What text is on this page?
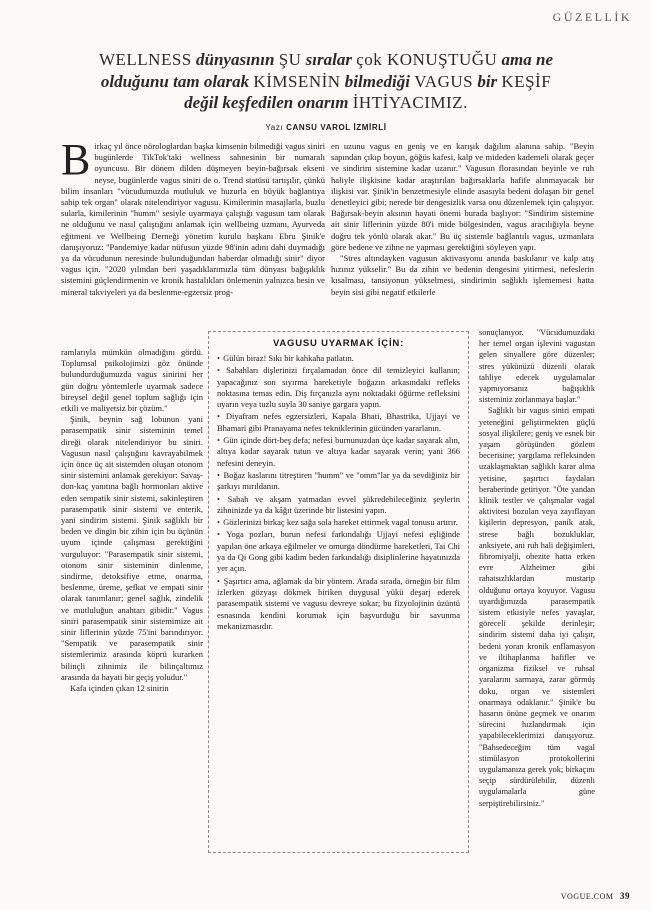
GÜZELLİK
WELLNESS dünyasının ŞU sıralar çok KONUŞTUĞU ama ne
olduğunu tam olarak KİMSENİN bilmediği VAGUS bir KEŞİF
değil keşfedilen onarım İHTİYACIMIZ.
Yazı CANSU VAROL İZMİRLİ
B irkaç yıl önce nörologlardan başka kimsenin bilmediği vagus siniri bugünlerde TikTok'taki wellness sahnesinin bir numaralı oyuncusu. Bir dönem dilden düşmeyen beyin-bağırsak ekseni neyse, bugünlerde vagus siniri de o. Trend statüsü tartışılır, çünkü bilim insanları "vücudumuzda mutluluk ve huzurla en büyük bağlantıya sahip tek organ" olarak nitelendiriyor vagusu. Kimilerinin masajlarla, buzlu sularla, kimilerinin "humm" sesiyle uyarmaya çalıştığı vagusun tam olarak ne olduğunu ve nasıl çalıştığını anlamak için wellbeing uzmanı, Ayurveda eğitmeni ve Wellbeing Derneği yönetim kurulu başkanı Ebru Şinik'e danışıyoruz: "Pandemiye kadar nüfusun yüzde 98'inin adını dahi duymadığı ya da vücudunun neresinde bulunduğundan haberdar olmadığı sinir" diyor vagus için. "2020 yılından beri yaşadıklarımızla tüm dünyası bağışıklık sistemini güçlendirmenin ve kronik hastalıkları önlemenin yalnızca besin ve mineral takviyeleri ya da beslenme-egzersiz prog-

ramlarıyla mümkün olmadığını gördü. Toplumsal psikolojimizi göz önünde bulundurduğumuzda vagus sinirini her gün doğru yöntemlerle uyarmak sadece bireysel değil genel toplum sağlığı için etkili ve maliyetsiz bir çözüm."

Şinik, beynin sağ lobunun yani parasempatik sinir sisteminin temel direği olarak nitelendiriyor bu siniri. Vagusun nasıl çalıştığını kavrayabilmek için önce üç ait sistemden oluşan otonom sinir sistemini anlamak gerekiyor: Savaş-don-kaç yanıtına bağlı hormonları aktive eden sempatik sinir sistemi, sakinleştiren parasempatik sinir sistemi ve enterik, yani sindirim sistemi. Şinik sağlıklı bir beden ve dingin bir zihin için bu üçünün uyum içinde çalışması gerektiğini vurguluyor: "Parasempatik sinir sistemi, otonom sinir sisteminin dinlenme, sindirme, detoksifiye etme, onarma, beslenme, üreme, şefkat ve empati sinir olarak tanımlanır; genel sağlık, zindelik ve mutluluğun anahtarı gibidir." Vagus siniri parasempatik sinir sistemimize ait sinir liflerinin yüzde 75'ini barındırıyor. "Sempatik ve parasempatik sinir sistemlerimiz arasında köprü kurarken bilinçli zihnimiz ile bilinçaltımız arasında da hayati bir geçiş yoludur."

Kafa içinden çıkan 12 sinirin

en uzunu vagus en geniş ve en karışık dağılım alanına sahip. "Beyin sapından çıkıp boyun, göğüs kafesi, kalp ve mideden kademeli olarak geçer ve sindirim sistemine kadar uzanır." Vagusun florasından beyinle ve ruh haliyle ilişkisine kadar araştırılan bağırsaklarla hafife alınmayacak bir ilişkisi var. Şinik'in benzetmesiyle elinde asasıyla bedeni dolaşan bir genel denetleyici gibi; nerede bir dengesizlik varsa onu düzenlemek için çalışıyor. Bağırsak-beyin aksının hayati önemi burada başlıyor: "Sindirim sistemine ait sinir liflerinin yüzde 80'i mide bölgesinden, vagus aracılığıyla beyne doğru tek yönlü olarak akar." Bu üç sistemle bağlantılı vagus, uzmanlara göre bedene ve zihne ne yapması gerektiğini söyleyen yapı.

"Stres altındayken vagusun aktivasyonu anında baskılanır ve kalp atış hızınız yükselir." Bu da zihin ve bedenin dengesini yitirmesi, nefeslerin kısalması, tansiyonun yükselmesi, sindirimin sağlıklı işlememesi hatta beyin sisi gibi negatif etkilerle

sonuçlanıyor. "Vücudumuzdaki her temel organ işlevini vagustan gelen sinyallere göre düzenler; stres yükünüzü düzenli olarak tahliye edecek uygulamalar yapmıyorsanız bağışıklık sisteminiz zorlanmaya başlar."

Sağlıklı bir vagus siniri empati yeteneğini geliştirmekten güçlü sosyal ilişkilere; geniş ve esnek bir yaşam görüşünden gözlem becerisine; yargılama refleksinden uzaklaşmaktan sağlıklı karar alma yetisine, şaşırtıcı faydaları beraberinde getiriyor. "Öte yandan klinik testler ve çalışmalar vagal aktivitesi bozulan veya zayıflayan kişilerin depresyon, panik atak, strese bağlı bozukluklar, anksiyete, ani ruh hali değişimleri, fibromiyalji, obezite hatta erken evre Alzheimer gibi rahatsızlıklardan mustarip olduğunu ortaya koyuyor. Vagusu uyardığımızda parasempatik sistem etkisiyle nefes yavaşlar, göreceli şekilde derinleşir; sindirim sistemi daha iyi çalışır, bedeni yoran kronik enflamasyon ve iltihaplanma hafifler ve organizma fiziksel ve ruhsal yaralarını sarmaya, zarar görmüş doku, organ ve sistemleri onarmaya odaklanır." Şinik'e bu hasarın önüne geçmek ve onarım sürecini hızlandırmak için yapabileceklerimizi danışıyoruz. "Bahsedeceğim tüm vagal stimülasyon protokollerini uygulamanıza gerek yok; birkaçını seçip sürdürülebilir, düzenli uygulamalarla güne serpiştirebilirsiniz."

VAGUSU UYARMAK İÇİN:
• Gülün biraz! Sıkı bir kahkaha patlatın.
• Sabahları dişlerinizi fırçalamadan önce dil temizleyici kullanın; yapacağınız son sıyırma hareketiyle boğazın arkasındaki refleks noktasına temas edin. Diş fırçanızla aynı noktadaki öğürme refleksini uyarın veya tuzlu suyla 30 saniye gargara yapın.
• Diyafram nefes egzersizleri, Kapala Bhati, Bhastrika, Ujjayi ve Bhamari gibi Pranayama nefes tekniklerinin gücünden yararlanın.
• Gün içinde dört-beş defa; nefesi burnunuzdan üçe kadar sayarak alın, altıya kadar sayarak tutun ve altıya kadar sayarak verin; yani 366 nefesini deneyin.
• Boğaz kaslarını titreştiren "humm" ve "omm"lar ya da sevdiğiniz bir şarkıyı mırıldanın.
• Sabah ve akşam yatmadan evvel şükredebileceğiniz şeylerin zihninizde ya da kâğıt üzerinde bir listesini yapın.
• Gözlerinizi birkaç kez sağa sola hareket ettirmek vagal tonusu artırır.
• Yoga pozları, burun nefesi farkındalığı Ujjayi nefesi eşliğinde yapılan öne arkaya eğilmeler ve omurga döndürme hareketleri, Tai Chi ya da Qi Gong gibi kadim beden farkındalığı disiplinlerine hayatınızda yer açın.
• Şaşırtıcı ama, ağlamak da bir yöntem. Arada sırada, örneğin bir film izlerken gözyaşı dökmek biriken duygusal yükü deşarj ederek parasempatik sistemi ve vagusu devreye sokar; bu fizyolojinin üzüntü esnasında kendini korumak için başvurduğu bir savunma mekanizmasıdır.
VOGUE.COM 39
